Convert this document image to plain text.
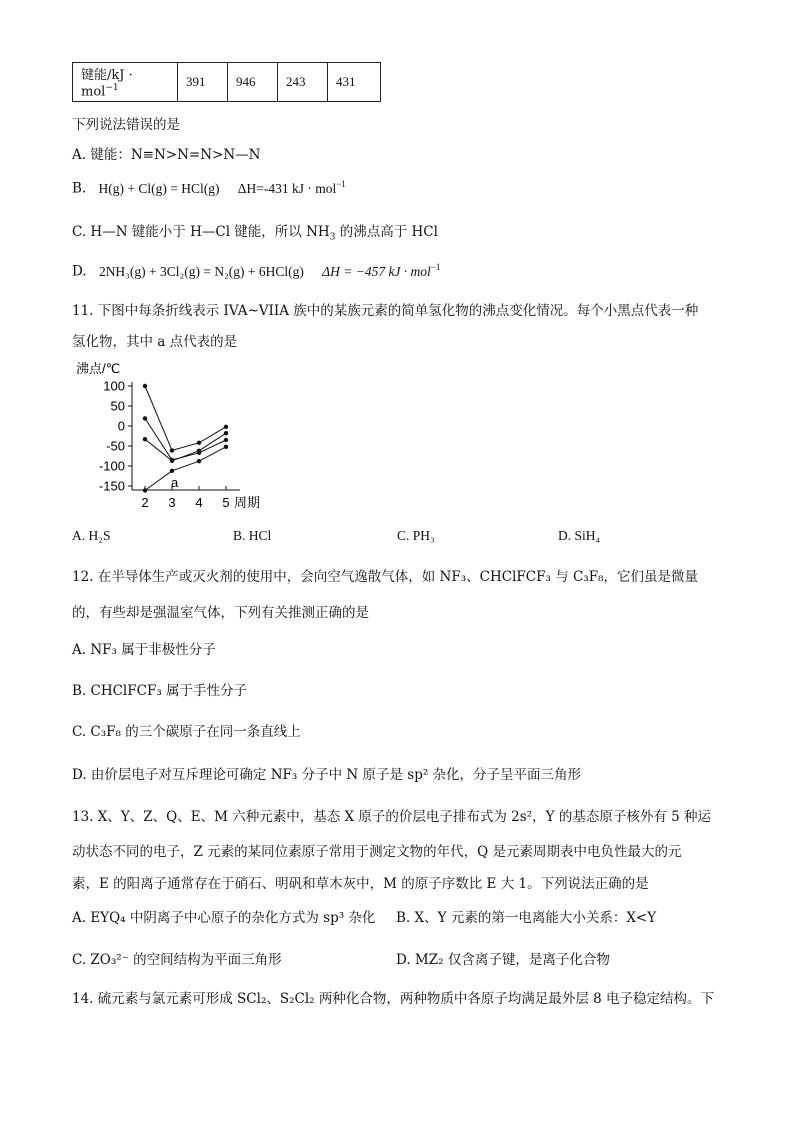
键能/kJ · mol$^{-1}$	391	946	243	431
下列说法错误的是
A. 键能：N≡N>N=N>N—N
B. H(g) + Cl(g) = HCl(g) ΔH=-431 kJ · mol$^{-1}$
C. H—N 键能小于 H—Cl 键能，所以 $NH_3$ 的沸点高于 HCl
D. 2NH₃(g) + 3Cl₂(g) = N₂(g) + 6HCl(g) ΔH = −457 kJ · mol$^{-1}$
11. 下图中每条折线表示 IVA~VIIA 族中的某族元素的简单氢化物的沸点变化情况。每个小黑点代表一种
氢化物，其中 a 点代表的是
沸点/℃
100
50
0
-50
-100
-150
2 3 4 5 周期
a
A. H₂S	B. HCl	C. PH₃	D. SiH₄
12. 在半导体生产或灭火剂的使用中，会向空气逸散气体，如 NF₃、CHClFCF₃ 与 C₃F₈，它们虽是微量
的，有些却是强温室气体，下列有关推测正确的是
A. NF₃ 属于非极性分子
B. CHClFCF₃ 属于手性分子
C. C₃F₈ 的三个碳原子在同一条直线上
D. 由价层电子对互斥理论可确定 NF₃ 分子中 N 原子是 sp² 杂化，分子呈平面三角形
13. X、Y、Z、Q、E、M 六种元素中，基态 X 原子的价层电子排布式为 2s²，Y 的基态原子核外有 5 种运
动状态不同的电子，Z 元素的某同位素原子常用于测定文物的年代，Q 是元素周期表中电负性最大的元
素，E 的阳离子通常存在于硝石、明矾和草木灰中，M 的原子序数比 E 大 1。下列说法正确的是
A. EYQ₄ 中阴离子中心原子的杂化方式为 sp³ 杂化 B. X、Y 元素的第一电离能大小关系：X<Y
C. ZO₃²⁻ 的空间结构为平面三角形	D. MZ₂ 仅含离子键，是离子化合物
14. 硫元素与氯元素可形成 SCl₂、S₂Cl₂ 两种化合物，两种物质中各原子均满足最外层 8 电子稳定结构。下
